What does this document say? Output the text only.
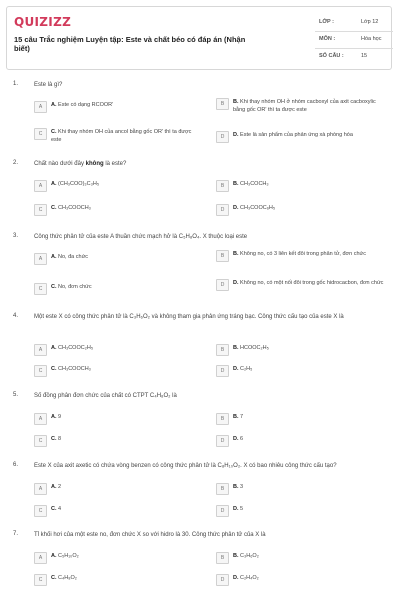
QUIZIZZ
15 câu Trắc nghiệm Luyện tập: Este và chất béo có đáp án (Nhận biết)
LỚP :	Lớp 12
MÔN :	Hóa học
SỐ CÂU :	15
1.	Este là gì?
A	A. Este có dạng RCOOR'	B	B. Khi thay nhóm OH ở nhóm cacboxyl của axit cacboxylic bằng gốc OR' thì ta được este
C	C. Khi thay nhóm OH của ancol bằng gốc OR' thì ta được este	D	D. Este là sản phẩm của phản ứng xà phòng hóa
2.	Chất nào dưới đây không là este?
A	A. (CH₃COO)₃C₃H₅	B	B. CH₃COCH₃
C	C. CH₃COOCH₃	D	D. CH₃COOC₆H₅
3.	Công thức phân tử của este A thuần chức mạch hở là C₅H₈O₄. X thuộc loại este
A	A. No, đa chức	B	B. Không no, có 3 liên kết đôi trong phân tử, đơn chức
C	C. No, đơn chức	D	D. Không no, có một nối đôi trong gốc hidrocacbon, đơn chức
4.	Một este X có công thức phân tử là C₃H₆O₂ và không tham gia phản ứng tráng bạc. Công thức cấu tạo của este X là
A	A. CH₃COOC₂H₅	B	B. HCOOC₂H₅
C	C. CH₃COOCH₃	D	D. C₂H₅
5.	Số đồng phân đơn chức của chất có CTPT C₄H₈O₂ là
A	A. 9	B	B. 7
C	C. 8	D	D. 6
6.	Este X của axit axetic có chứa vòng benzen có công thức phân tử là C₈H₁₀O₂. X có bao nhiêu công thức cấu tạo?
A	A. 2	B	B. 3
C	C. 4	D	D. 5
7.	Tỉ khối hơi của một este no, đơn chức X so với hidro là 30. Công thức phân tử của X là
A	A. C₅H₁₀O₂	B	B. C₃H₆O₂
C	C. C₄H₈O₂	D	D. C₂H₄O₂
